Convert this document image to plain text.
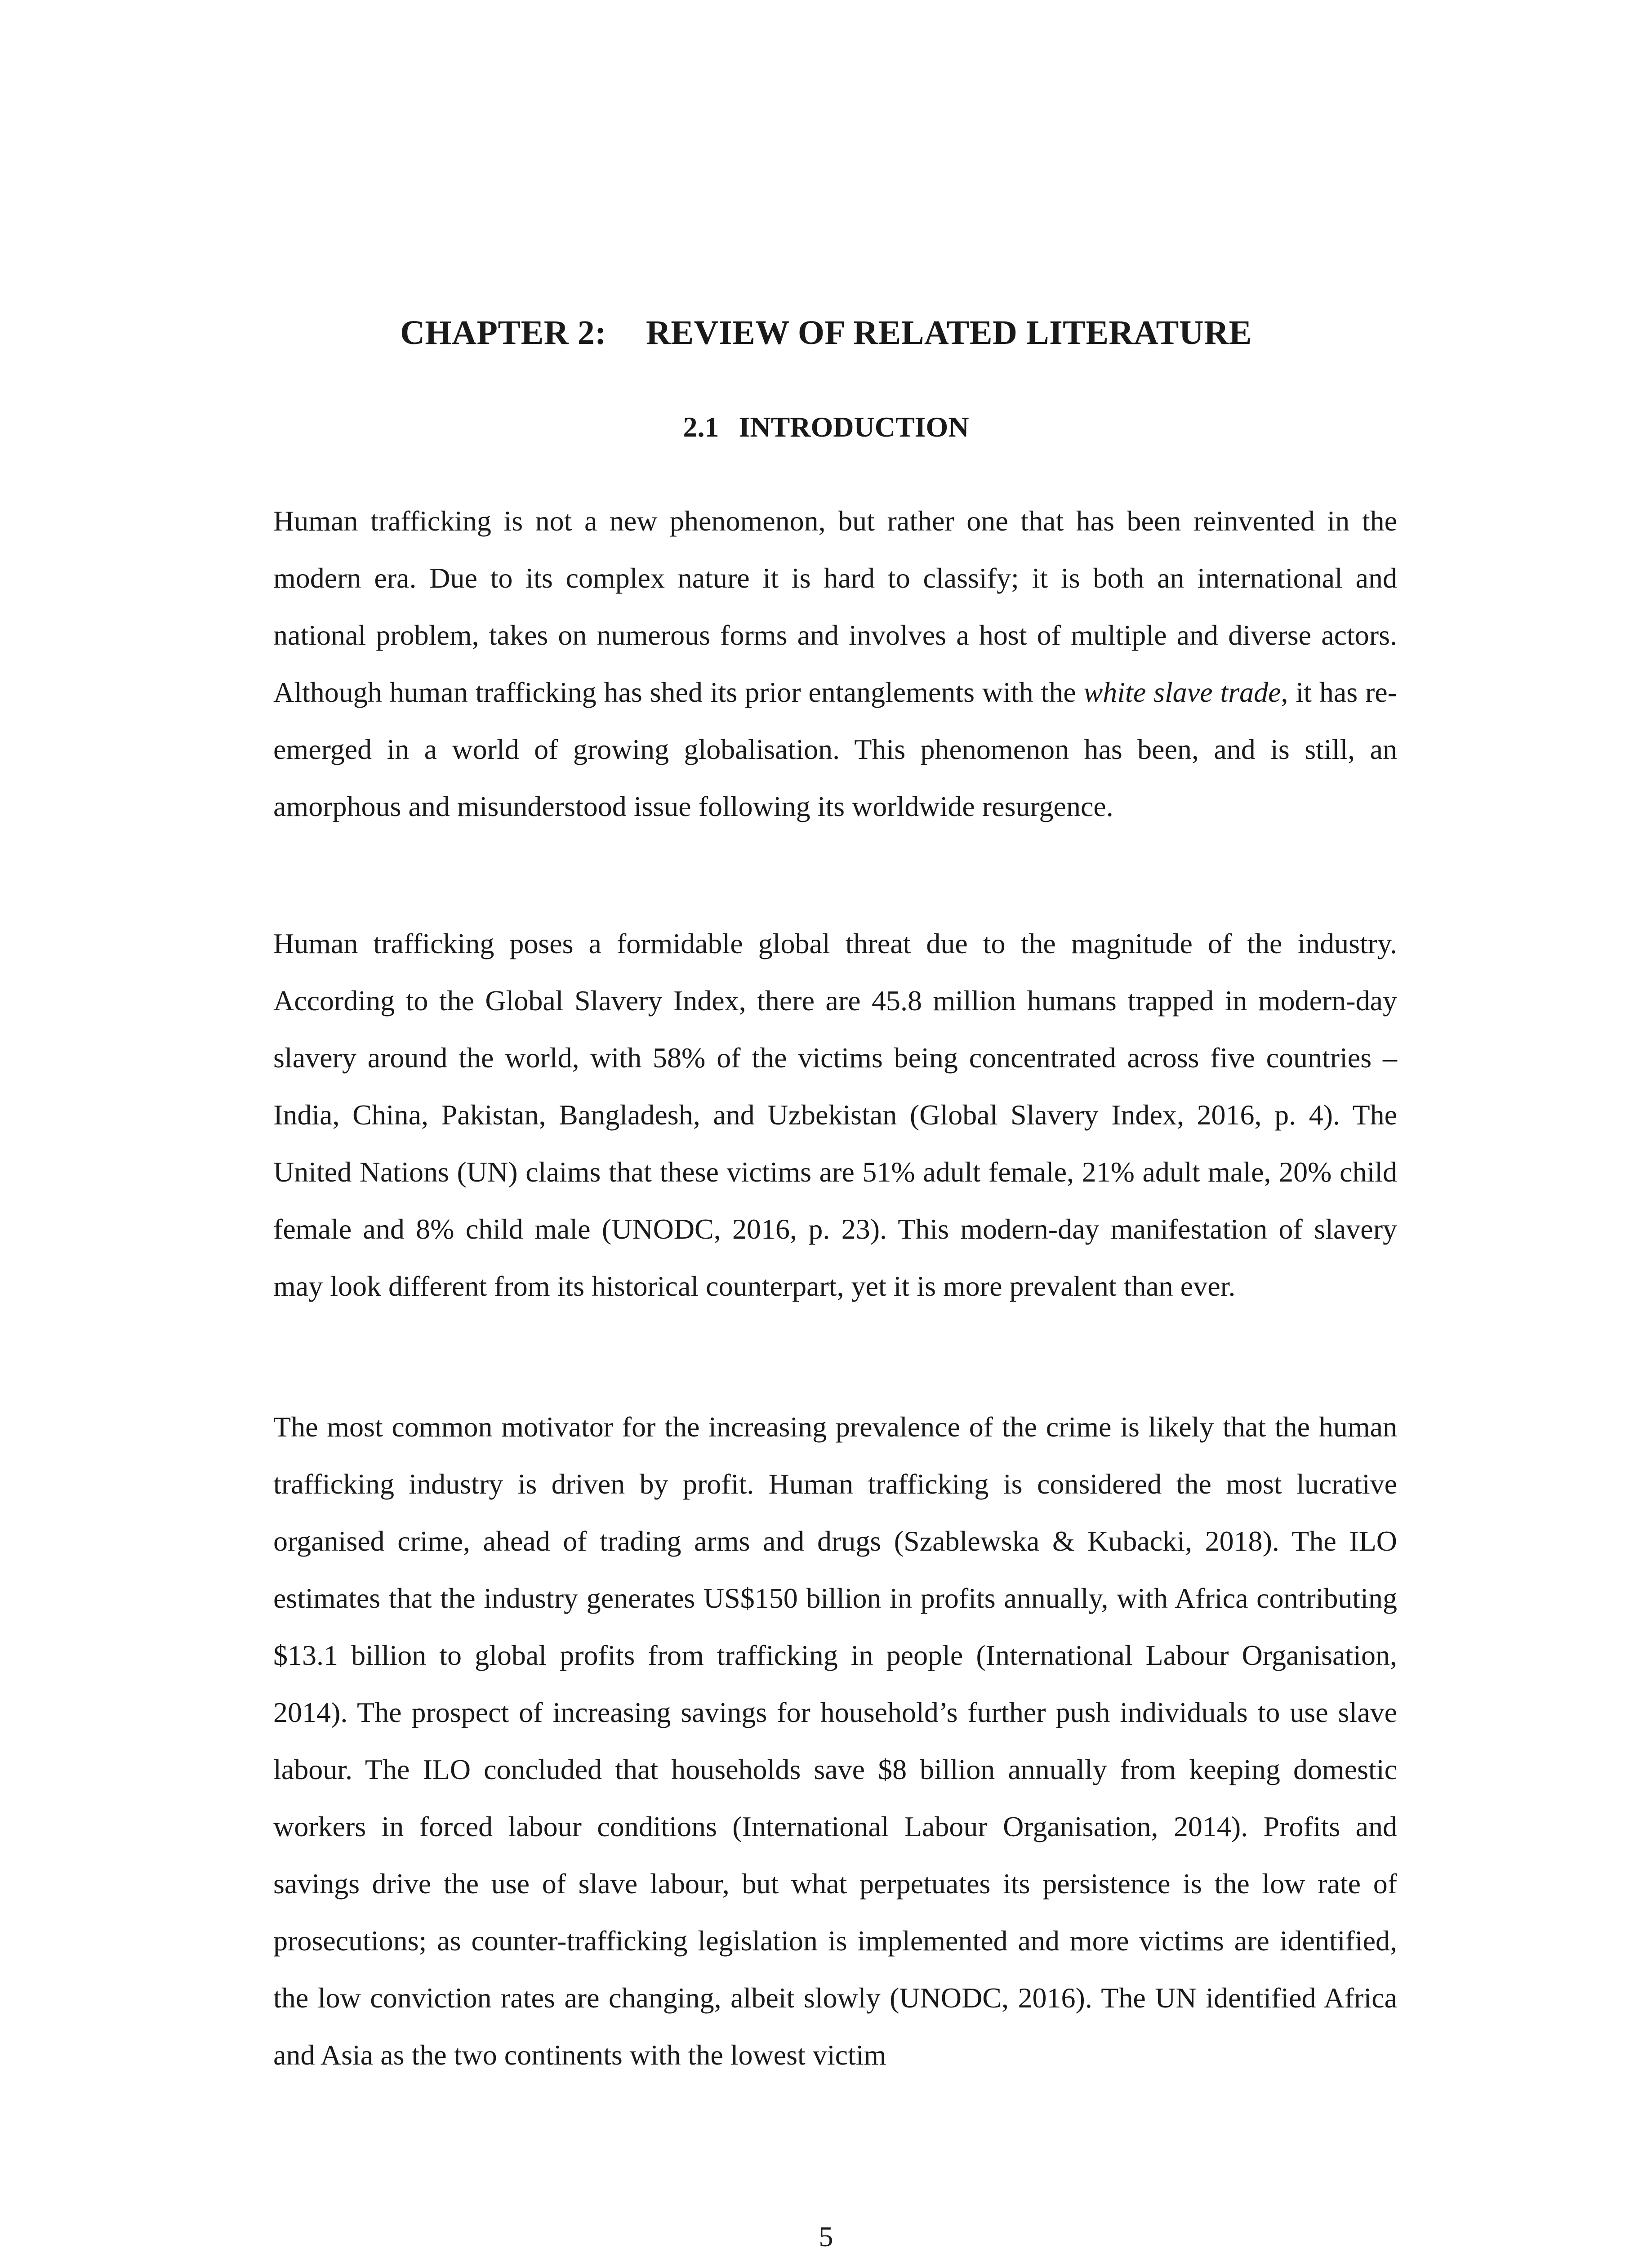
CHAPTER 2: REVIEW OF RELATED LITERATURE
2.1 INTRODUCTION

Human trafficking is not a new phenomenon, but rather one that has been reinvented in the modern era. Due to its complex nature it is hard to classify; it is both an international and national problem, takes on numerous forms and involves a host of multiple and diverse actors. Although human trafficking has shed its prior entanglements with the white slave trade, it has re-emerged in a world of growing globalisation. This phenomenon has been, and is still, an amorphous and misunderstood issue following its worldwide resurgence.

Human trafficking poses a formidable global threat due to the magnitude of the industry. According to the Global Slavery Index, there are 45.8 million humans trapped in modern-day slavery around the world, with 58% of the victims being concentrated across five countries – India, China, Pakistan, Bangladesh, and Uzbekistan (Global Slavery Index, 2016, p. 4). The United Nations (UN) claims that these victims are 51% adult female, 21% adult male, 20% child female and 8% child male (UNODC, 2016, p. 23). This modern-day manifestation of slavery may look different from its historical counterpart, yet it is more prevalent than ever.

The most common motivator for the increasing prevalence of the crime is likely that the human trafficking industry is driven by profit. Human trafficking is considered the most lucrative organised crime, ahead of trading arms and drugs (Szablewska & Kubacki, 2018). The ILO estimates that the industry generates US$150 billion in profits annually, with Africa contributing $13.1 billion to global profits from trafficking in people (International Labour Organisation, 2014). The prospect of increasing savings for household’s further push individuals to use slave labour. The ILO concluded that households save $8 billion annually from keeping domestic workers in forced labour conditions (International Labour Organisation, 2014). Profits and savings drive the use of slave labour, but what perpetuates its persistence is the low rate of prosecutions; as counter-trafficking legislation is implemented and more victims are identified, the low conviction rates are changing, albeit slowly (UNODC, 2016). The UN identified Africa and Asia as the two continents with the lowest victim

5
